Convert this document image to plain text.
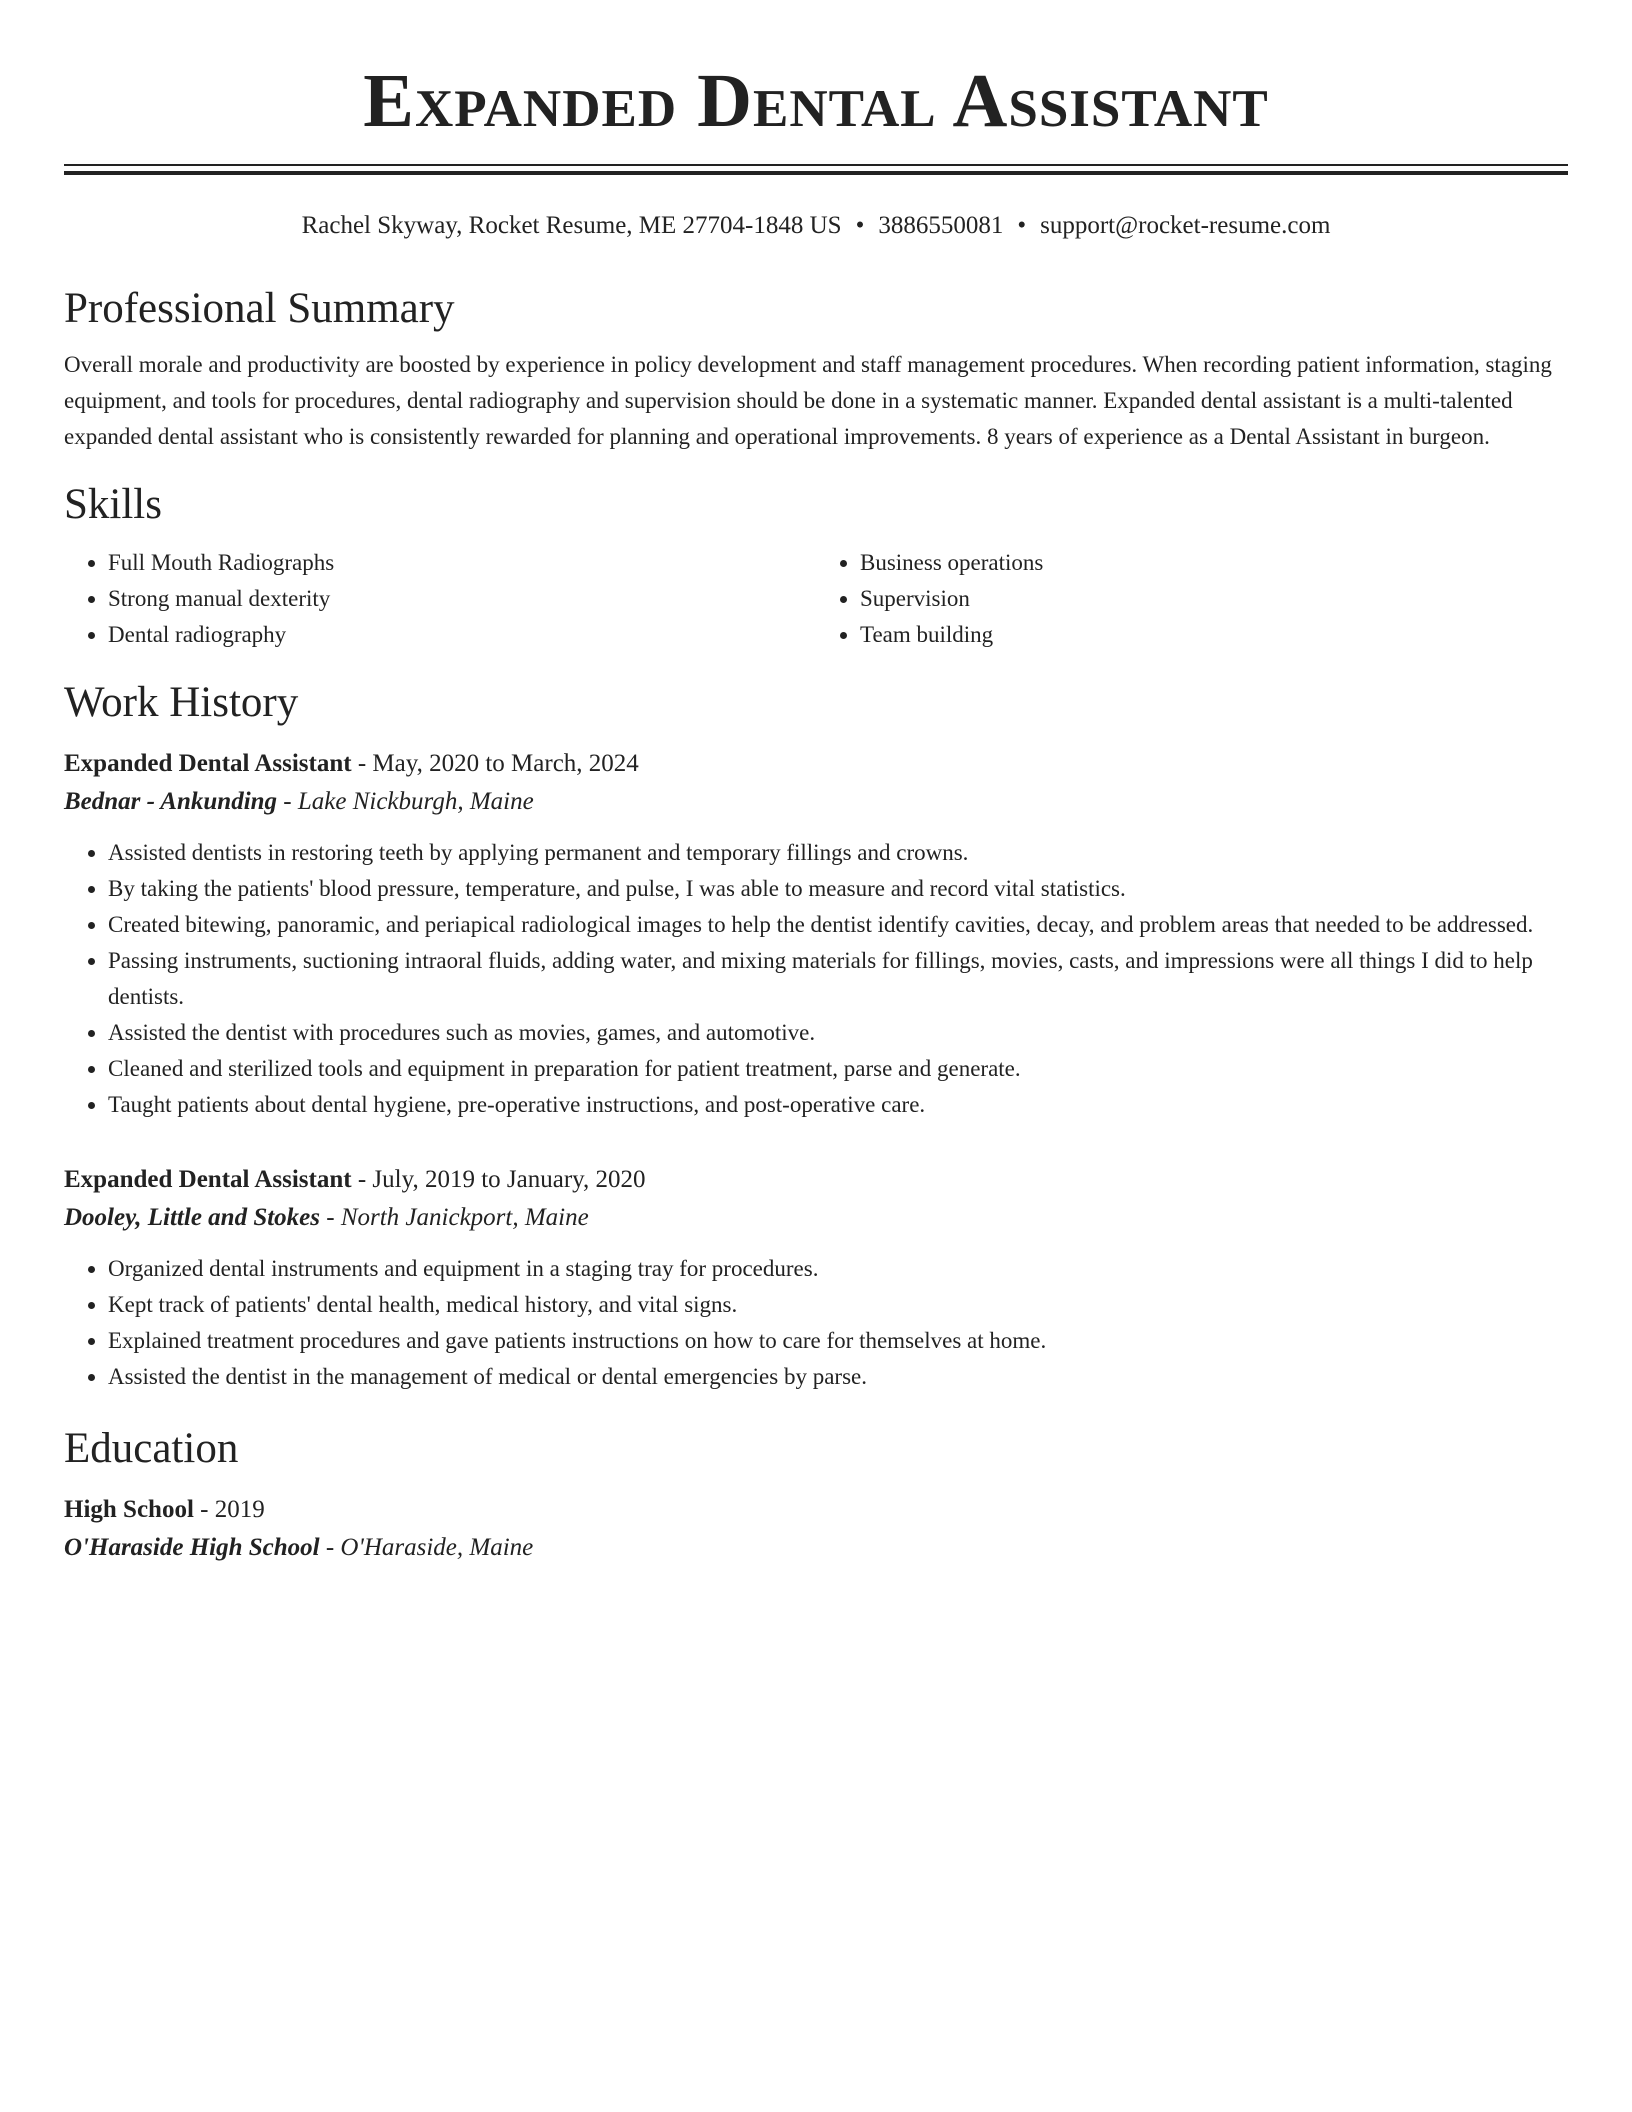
Expanded Dental Assistant
Rachel Skyway, Rocket Resume, ME 27704-1848 US • 3886550081 • support@rocket-resume.com
Professional Summary

Overall morale and productivity are boosted by experience in policy development and staff management procedures. When recording patient information, staging equipment, and tools for procedures, dental radiography and supervision should be done in a systematic manner. Expanded dental assistant is a multi-talented expanded dental assistant who is consistently rewarded for planning and operational improvements. 8 years of experience as a Dental Assistant in burgeon.

Skills
• Full Mouth Radiographs
• Strong manual dexterity
• Dental radiography
• Business operations
• Supervision
• Team building
Work History
Expanded Dental Assistant - May, 2020 to March, 2024
Bednar - Ankunding - Lake Nickburgh, Maine
• Assisted dentists in restoring teeth by applying permanent and temporary fillings and crowns.
• By taking the patients' blood pressure, temperature, and pulse, I was able to measure and record vital statistics.
• Created bitewing, panoramic, and periapical radiological images to help the dentist identify cavities, decay, and problem areas that needed to be addressed.
• Passing instruments, suctioning intraoral fluids, adding water, and mixing materials for fillings, movies, casts, and impressions were all things I did to help dentists.
• Assisted the dentist with procedures such as movies, games, and automotive.
• Cleaned and sterilized tools and equipment in preparation for patient treatment, parse and generate.
• Taught patients about dental hygiene, pre-operative instructions, and post-operative care.
Expanded Dental Assistant - July, 2019 to January, 2020
Dooley, Little and Stokes - North Janickport, Maine
• Organized dental instruments and equipment in a staging tray for procedures.
• Kept track of patients' dental health, medical history, and vital signs.
• Explained treatment procedures and gave patients instructions on how to care for themselves at home.
• Assisted the dentist in the management of medical or dental emergencies by parse.
Education
High School - 2019
O'Haraside High School - O'Haraside, Maine
